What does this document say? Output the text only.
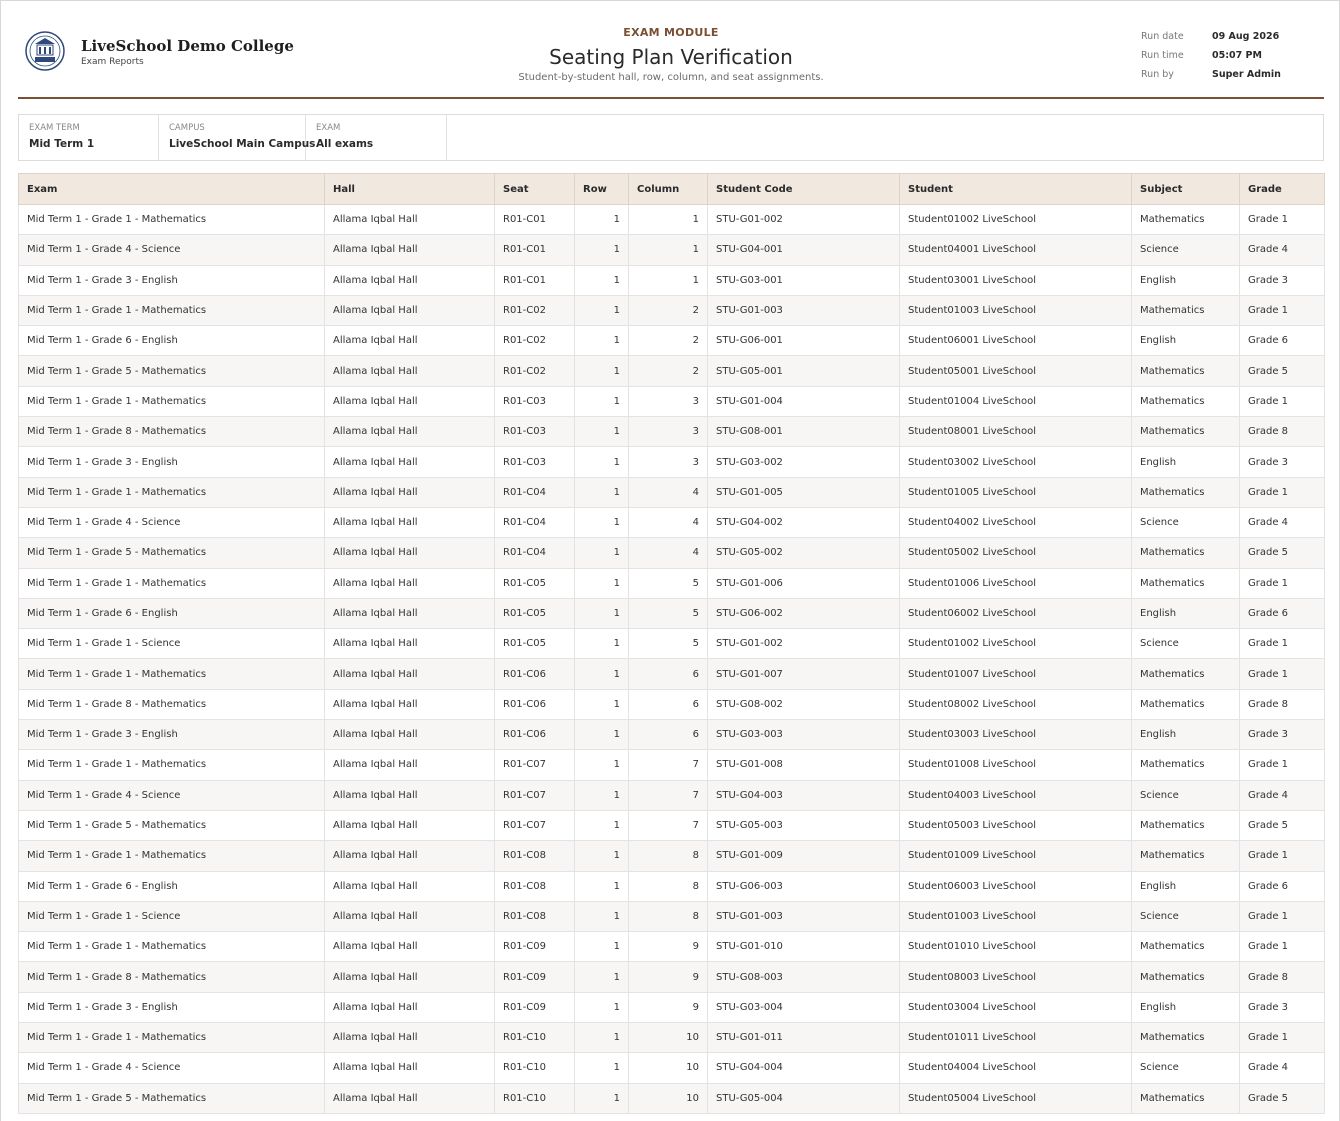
LiveSchool Demo College
Exam Reports
EXAM MODULE
Seating Plan Verification
Student-by-student hall, row, column, and seat assignments.
Run date	09 Aug 2026
Run time	05:07 PM
Run by	Super Admin
EXAM TERM
Mid Term 1
CAMPUS
LiveSchool Main Campus
EXAM
All exams
Exam	Hall	Seat	Row	Column	Student Code	Student	Subject	Grade
Mid Term 1 - Grade 1 - Mathematics	Allama Iqbal Hall	R01-C01	1	1	STU-G01-002	Student01002 LiveSchool	Mathematics	Grade 1
Mid Term 1 - Grade 4 - Science	Allama Iqbal Hall	R01-C01	1	1	STU-G04-001	Student04001 LiveSchool	Science	Grade 4
Mid Term 1 - Grade 3 - English	Allama Iqbal Hall	R01-C01	1	1	STU-G03-001	Student03001 LiveSchool	English	Grade 3
Mid Term 1 - Grade 1 - Mathematics	Allama Iqbal Hall	R01-C02	1	2	STU-G01-003	Student01003 LiveSchool	Mathematics	Grade 1
Mid Term 1 - Grade 6 - English	Allama Iqbal Hall	R01-C02	1	2	STU-G06-001	Student06001 LiveSchool	English	Grade 6
Mid Term 1 - Grade 5 - Mathematics	Allama Iqbal Hall	R01-C02	1	2	STU-G05-001	Student05001 LiveSchool	Mathematics	Grade 5
Mid Term 1 - Grade 1 - Mathematics	Allama Iqbal Hall	R01-C03	1	3	STU-G01-004	Student01004 LiveSchool	Mathematics	Grade 1
Mid Term 1 - Grade 8 - Mathematics	Allama Iqbal Hall	R01-C03	1	3	STU-G08-001	Student08001 LiveSchool	Mathematics	Grade 8
Mid Term 1 - Grade 3 - English	Allama Iqbal Hall	R01-C03	1	3	STU-G03-002	Student03002 LiveSchool	English	Grade 3
Mid Term 1 - Grade 1 - Mathematics	Allama Iqbal Hall	R01-C04	1	4	STU-G01-005	Student01005 LiveSchool	Mathematics	Grade 1
Mid Term 1 - Grade 4 - Science	Allama Iqbal Hall	R01-C04	1	4	STU-G04-002	Student04002 LiveSchool	Science	Grade 4
Mid Term 1 - Grade 5 - Mathematics	Allama Iqbal Hall	R01-C04	1	4	STU-G05-002	Student05002 LiveSchool	Mathematics	Grade 5
Mid Term 1 - Grade 1 - Mathematics	Allama Iqbal Hall	R01-C05	1	5	STU-G01-006	Student01006 LiveSchool	Mathematics	Grade 1
Mid Term 1 - Grade 6 - English	Allama Iqbal Hall	R01-C05	1	5	STU-G06-002	Student06002 LiveSchool	English	Grade 6
Mid Term 1 - Grade 1 - Science	Allama Iqbal Hall	R01-C05	1	5	STU-G01-002	Student01002 LiveSchool	Science	Grade 1
Mid Term 1 - Grade 1 - Mathematics	Allama Iqbal Hall	R01-C06	1	6	STU-G01-007	Student01007 LiveSchool	Mathematics	Grade 1
Mid Term 1 - Grade 8 - Mathematics	Allama Iqbal Hall	R01-C06	1	6	STU-G08-002	Student08002 LiveSchool	Mathematics	Grade 8
Mid Term 1 - Grade 3 - English	Allama Iqbal Hall	R01-C06	1	6	STU-G03-003	Student03003 LiveSchool	English	Grade 3
Mid Term 1 - Grade 1 - Mathematics	Allama Iqbal Hall	R01-C07	1	7	STU-G01-008	Student01008 LiveSchool	Mathematics	Grade 1
Mid Term 1 - Grade 4 - Science	Allama Iqbal Hall	R01-C07	1	7	STU-G04-003	Student04003 LiveSchool	Science	Grade 4
Mid Term 1 - Grade 5 - Mathematics	Allama Iqbal Hall	R01-C07	1	7	STU-G05-003	Student05003 LiveSchool	Mathematics	Grade 5
Mid Term 1 - Grade 1 - Mathematics	Allama Iqbal Hall	R01-C08	1	8	STU-G01-009	Student01009 LiveSchool	Mathematics	Grade 1
Mid Term 1 - Grade 6 - English	Allama Iqbal Hall	R01-C08	1	8	STU-G06-003	Student06003 LiveSchool	English	Grade 6
Mid Term 1 - Grade 1 - Science	Allama Iqbal Hall	R01-C08	1	8	STU-G01-003	Student01003 LiveSchool	Science	Grade 1
Mid Term 1 - Grade 1 - Mathematics	Allama Iqbal Hall	R01-C09	1	9	STU-G01-010	Student01010 LiveSchool	Mathematics	Grade 1
Mid Term 1 - Grade 8 - Mathematics	Allama Iqbal Hall	R01-C09	1	9	STU-G08-003	Student08003 LiveSchool	Mathematics	Grade 8
Mid Term 1 - Grade 3 - English	Allama Iqbal Hall	R01-C09	1	9	STU-G03-004	Student03004 LiveSchool	English	Grade 3
Mid Term 1 - Grade 1 - Mathematics	Allama Iqbal Hall	R01-C10	1	10	STU-G01-011	Student01011 LiveSchool	Mathematics	Grade 1
Mid Term 1 - Grade 4 - Science	Allama Iqbal Hall	R01-C10	1	10	STU-G04-004	Student04004 LiveSchool	Science	Grade 4
Mid Term 1 - Grade 5 - Mathematics	Allama Iqbal Hall	R01-C10	1	10	STU-G05-004	Student05004 LiveSchool	Mathematics	Grade 5
